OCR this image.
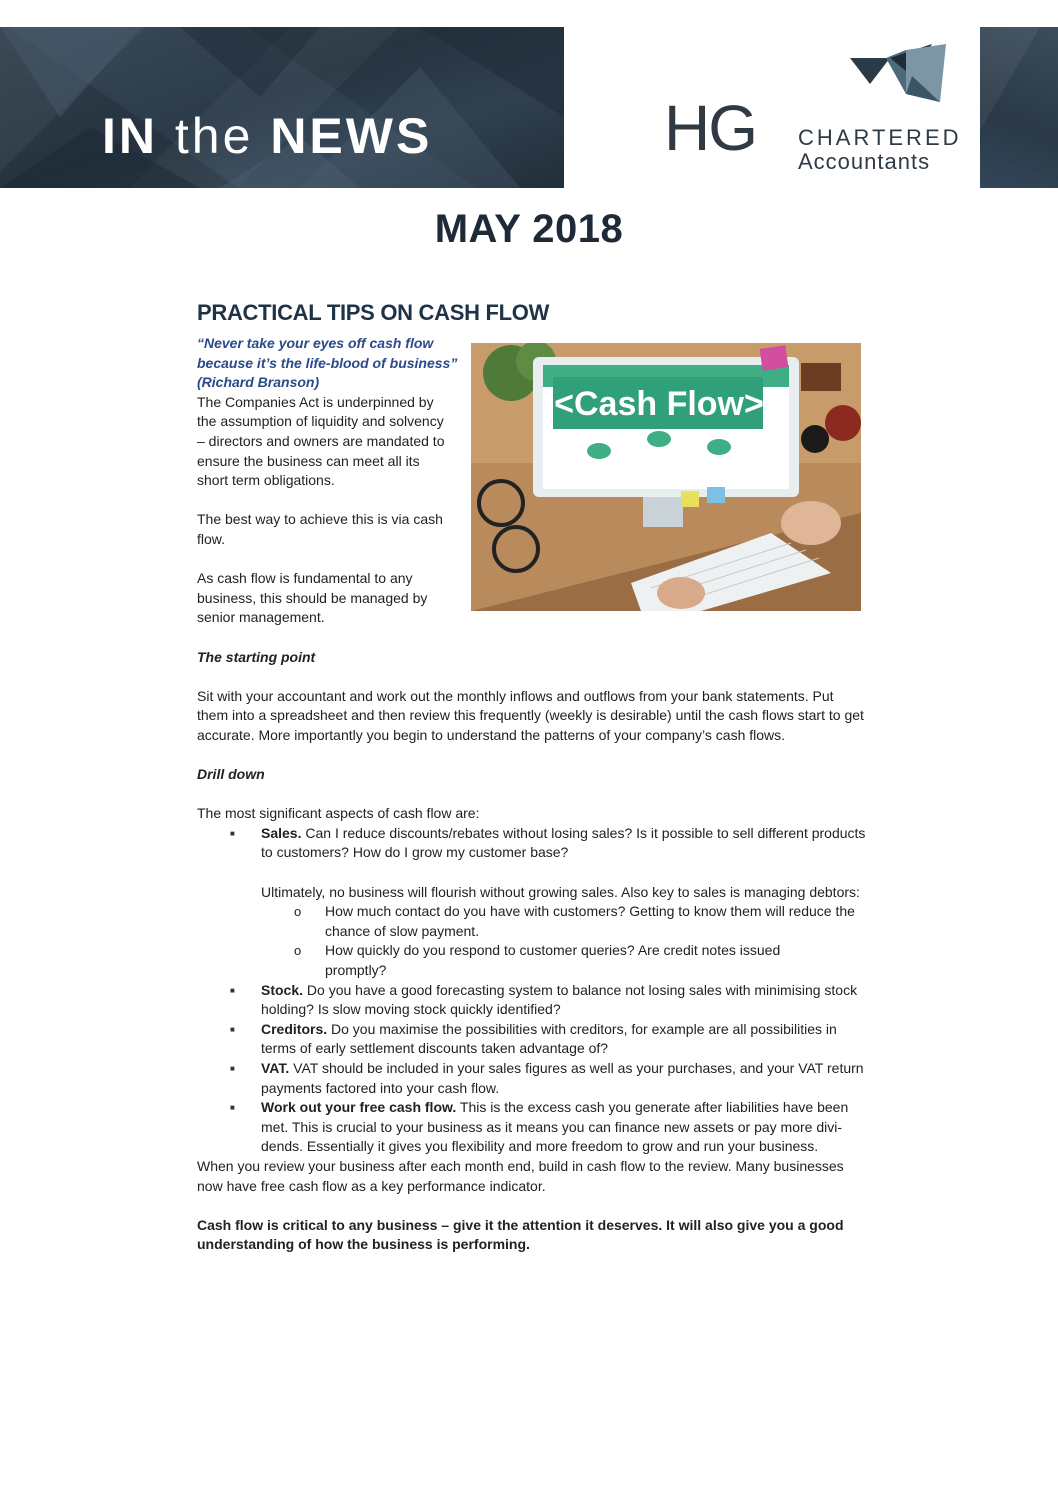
IN the NEWS	HG CHARTERED
Accountants
MAY 2018
<Cash Flow>
PRACTICAL TIPS ON CASH FLOW

“Never take your eyes off cash flow

because it’s the life-blood of business”

(Richard Branson)

The Companies Act is underpinned by the assumption of liquidity and solvency – directors and owners are mandated to ensure the business can meet all its short term obligations.

The best way to achieve this is via cash flow.

As cash flow is fundamental to any business, this should be managed by senior management.

The starting point

Sit with your accountant and work out the monthly inflows and outflows from your bank statements. Put them into a spreadsheet and then review this frequently (weekly is desirable) until the cash flows start to get accurate. More importantly you begin to understand the patterns of your company’s cash flows.

Drill down

The most significant aspects of cash flow are:

■ Sales. Can I reduce discounts/rebates without losing sales? Is it possible to sell different products to customers? How do I grow my customer base?
Ultimately, no business will flourish without growing sales. Also key to sales is managing debtors:
o How much contact do you have with customers? Getting to know them will reduce the chance of slow payment.
o How quickly do you respond to customer queries? Are credit notes issued promptly?
■ Stock. Do you have a good forecasting system to balance not losing sales with minimising stock holding? Is slow moving stock quickly identified?
■ Creditors. Do you maximise the possibilities with creditors, for example are all possibilities in terms of early settlement discounts taken advantage of?
■ VAT. VAT should be included in your sales figures as well as your purchases, and your VAT return payments factored into your cash flow.
■ Work out your free cash flow. This is the excess cash you generate after liabilities have been met. This is crucial to your business as it means you can finance new assets or pay more divi-dends. Essentially it gives you flexibility and more freedom to grow and run your business.

When you review your business after each month end, build in cash flow to the review. Many businesses now have free cash flow as a key performance indicator.

Cash flow is critical to any business – give it the attention it deserves. It will also give you a good understanding of how the business is performing.
